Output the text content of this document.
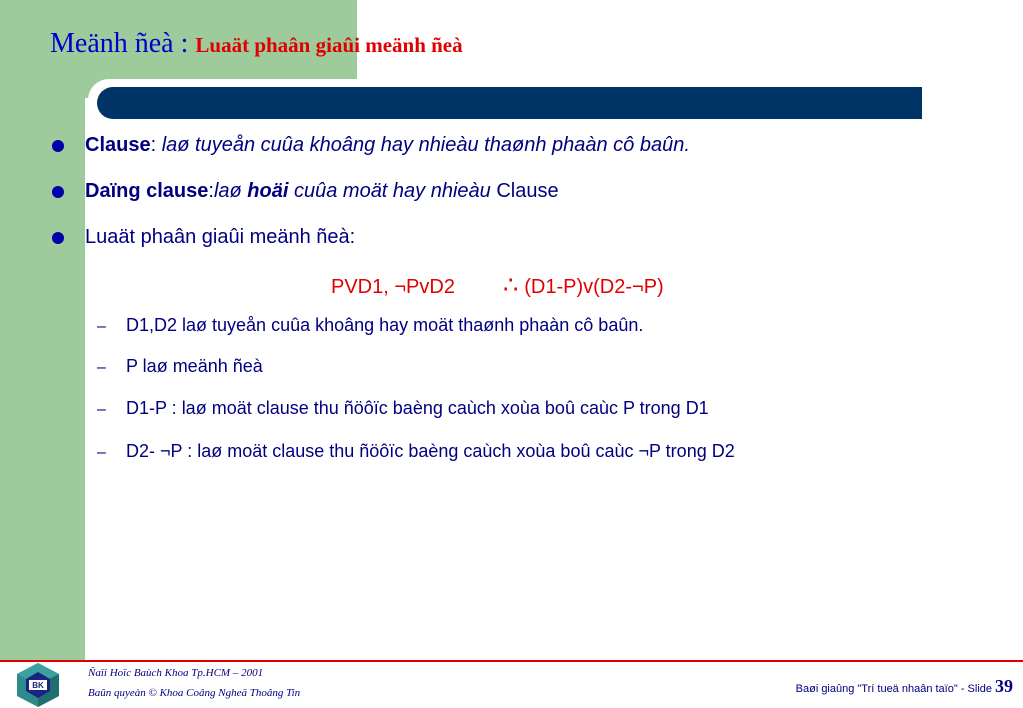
Meänh ñeà : Luaät phaân giaûi meänh ñeà
Clause: laø tuyeån cuûa khoâng hay nhieàu thaønh phaàn cô baûn.
Daïng clause:laø hoäi cuûa moät hay nhieàu Clause
Luaät phaân giaûi meänh ñeà:
PVD1, ¬PvD2 ∴ (D1-P)v(D2-¬P)
– D1,D2 laø tuyeån cuûa khoâng hay moät thaønh phaàn cô baûn.
– P laø meänh ñeà
– D1-P : laø moät clause thu ñöôïc baèng caùch xoùa boû caùc P trong D1
– D2- ¬P : laø moät clause thu ñöôïc baèng caùch xoùa boû caùc ¬P trong D2
BK
Ñaïi Hoïc Baùch Khoa Tp.HCM – 2001
Baûn quyeàn © Khoa Coâng Ngheä Thoâng Tin	Baøi giaûng "Trí tueä nhaân taïo" - Slide 39
